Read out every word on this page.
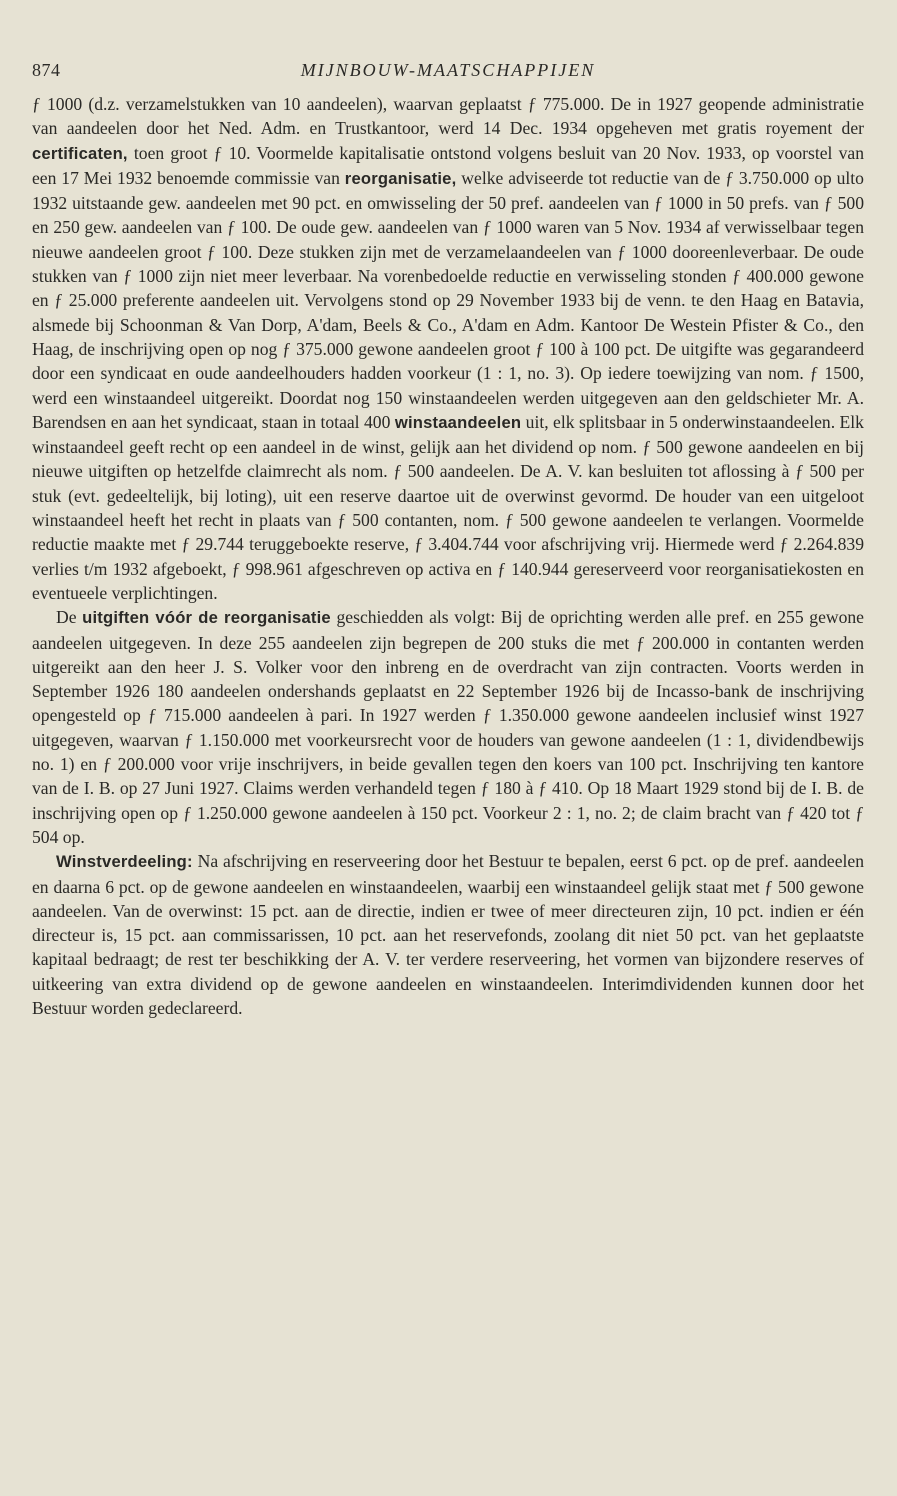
874	MIJNBOUW-MAATSCHAPPIJEN

ƒ 1000 (d.z. verzamelstukken van 10 aandeelen), waarvan geplaatst ƒ 775.000. De in 1927 geopende administratie van aandeelen door het Ned. Adm. en Trustkantoor, werd 14 Dec. 1934 opgeheven met gratis royement der certificaten, toen groot ƒ 10. Voormelde kapitalisatie ontstond volgens besluit van 20 Nov. 1933, op voorstel van een 17 Mei 1932 benoemde commissie van reorganisatie, welke adviseerde tot reductie van de ƒ 3.750.000 op ulto 1932 uitstaande gew. aandeelen met 90 pct. en omwisseling der 50 pref. aandeelen van ƒ 1000 in 50 prefs. van ƒ 500 en 250 gew. aandeelen van ƒ 100. De oude gew. aandeelen van ƒ 1000 waren van 5 Nov. 1934 af verwisselbaar tegen nieuwe aandeelen groot ƒ 100. Deze stukken zijn met de verzamelaandeelen van ƒ 1000 dooreenleverbaar. De oude stukken van ƒ 1000 zijn niet meer leverbaar. Na vorenbedoelde reductie en verwisseling stonden ƒ 400.000 gewone en ƒ 25.000 preferente aandeelen uit. Vervolgens stond op 29 November 1933 bij de venn. te den Haag en Batavia, alsmede bij Schoonman & Van Dorp, A'dam, Beels & Co., A'dam en Adm. Kantoor De Westein Pfister & Co., den Haag, de inschrijving open op nog ƒ 375.000 gewone aandeelen groot ƒ 100 à 100 pct. De uitgifte was gegarandeerd door een syndicaat en oude aandeelhouders hadden voorkeur (1 : 1, no. 3). Op iedere toewijzing van nom. ƒ 1500, werd een winstaandeel uitgereikt. Doordat nog 150 winstaandeelen werden uitgegeven aan den geldschieter Mr. A. Barendsen en aan het syndicaat, staan in totaal 400 winstaandeelen uit, elk splitsbaar in 5 onderwinstaandeelen. Elk winstaandeel geeft recht op een aandeel in de winst, gelijk aan het dividend op nom. ƒ 500 gewone aandeelen en bij nieuwe uitgiften op hetzelfde claimrecht als nom. ƒ 500 aandeelen. De A. V. kan besluiten tot aflossing à ƒ 500 per stuk (evt. gedeeltelijk, bij loting), uit een reserve daartoe uit de overwinst gevormd. De houder van een uitgeloot winstaandeel heeft het recht in plaats van ƒ 500 contanten, nom. ƒ 500 gewone aandeelen te verlangen. Voormelde reductie maakte met ƒ 29.744 teruggeboekte reserve, ƒ 3.404.744 voor afschrijving vrij. Hiermede werd ƒ 2.264.839 verlies t/m 1932 afgeboekt, ƒ 998.961 afgeschreven op activa en ƒ 140.944 gereserveerd voor reorganisatiekosten en eventueele verplichtingen.

De uitgiften vóór de reorganisatie geschiedden als volgt: Bij de oprichting werden alle pref. en 255 gewone aandeelen uitgegeven. In deze 255 aandeelen zijn begrepen de 200 stuks die met ƒ 200.000 in contanten werden uitgereikt aan den heer J. S. Volker voor den inbreng en de overdracht van zijn contracten. Voorts werden in September 1926 180 aandeelen ondershands geplaatst en 22 September 1926 bij de Incasso-bank de inschrijving opengesteld op ƒ 715.000 aandeelen à pari. In 1927 werden ƒ 1.350.000 gewone aandeelen inclusief winst 1927 uitgegeven, waarvan ƒ 1.150.000 met voorkeursrecht voor de houders van gewone aandeelen (1 : 1, dividendbewijs no. 1) en ƒ 200.000 voor vrije inschrijvers, in beide gevallen tegen den koers van 100 pct. Inschrijving ten kantore van de I. B. op 27 Juni 1927. Claims werden verhandeld tegen ƒ 180 à ƒ 410. Op 18 Maart 1929 stond bij de I. B. de inschrijving open op ƒ 1.250.000 gewone aandeelen à 150 pct. Voorkeur 2 : 1, no. 2; de claim bracht van ƒ 420 tot ƒ 504 op.

Winstverdeeling: Na afschrijving en reserveering door het Bestuur te bepalen, eerst 6 pct. op de pref. aandeelen en daarna 6 pct. op de gewone aandeelen en winstaandeelen, waarbij een winstaandeel gelijk staat met ƒ 500 gewone aandeelen. Van de overwinst: 15 pct. aan de directie, indien er twee of meer directeuren zijn, 10 pct. indien er één directeur is, 15 pct. aan commissarissen, 10 pct. aan het reservefonds, zoolang dit niet 50 pct. van het geplaatste kapitaal bedraagt; de rest ter beschikking der A. V. ter verdere reserveering, het vormen van bijzondere reserves of uitkeering van extra dividend op de gewone aandeelen en winstaandeelen. Interimdividenden kunnen door het Bestuur worden gedeclareerd.
